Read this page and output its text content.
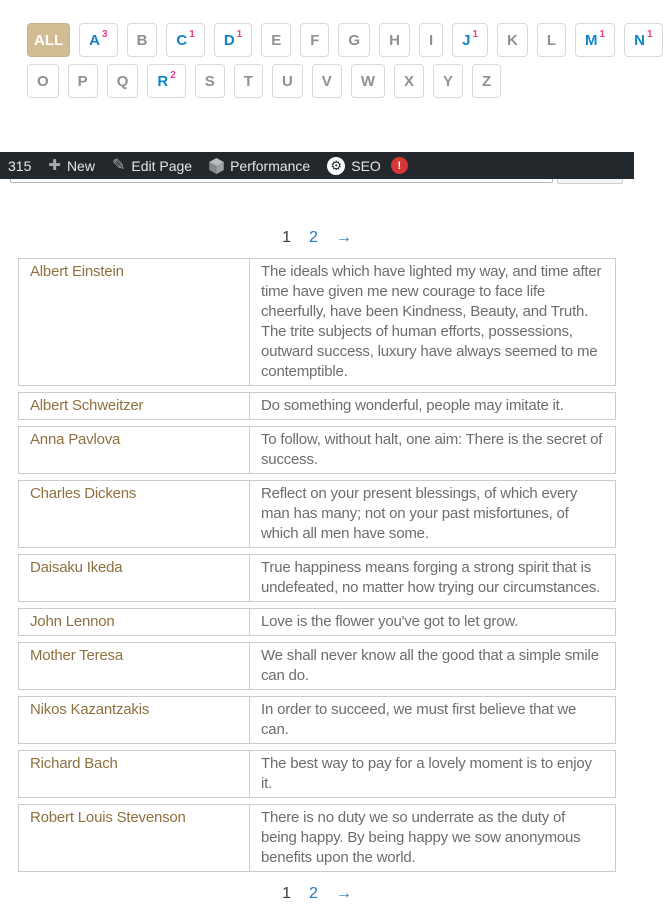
ALL	$A^3$ B $C^1$ $D^1$ E F G H I $J^1$ K L $M^1$ $N^1$
O P Q $R^2$ S T U V W X Y Z
315 ✚ New ✎ Edit Page	Performance ⚙ SEO	!
1 2 →
Albert Einstein	The ideals which have lighted my way, and time after time have given me new courage to face life cheerfully, have been Kindness, Beauty, and Truth. The trite subjects of human efforts, possessions, outward success, luxury have always seemed to me contemptible.
Albert Schweitzer	Do something wonderful, people may imitate it.
Anna Pavlova	To follow, without halt, one aim: There is the secret of success.
Charles Dickens	Reflect on your present blessings, of which every man has many; not on your past misfortunes, of which all men have some.
Daisaku Ikeda	True happiness means forging a strong spirit that is undefeated, no matter how trying our circumstances.
John Lennon	Love is the flower you've got to let grow.
Mother Teresa	We shall never know all the good that a simple smile can do.
Nikos Kazantzakis	In order to succeed, we must first believe that we can.
Richard Bach	The best way to pay for a lovely moment is to enjoy it.
Robert Louis Stevenson	There is no duty we so underrate as the duty of being happy. By being happy we sow anonymous benefits upon the world.
1 2 →
